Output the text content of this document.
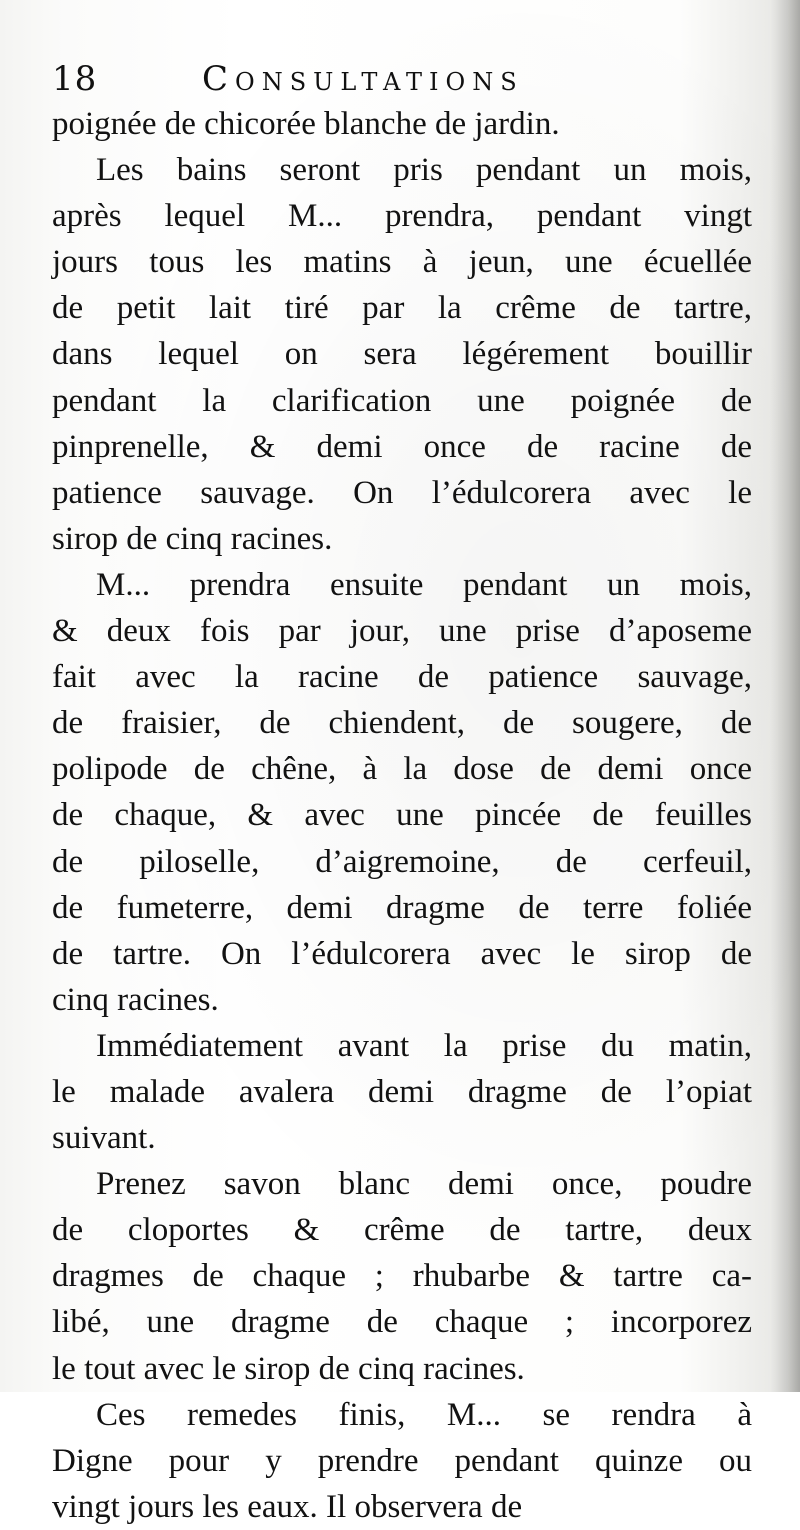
18	Consultations
poignée de chicorée blanche de jardin.
Les bains seront pris pendant un mois,
après lequel M... prendra, pendant vingt
jours tous les matins à jeun, une écuellée
de petit lait tiré par la crême de tartre,
dans lequel on sera légérement bouillir
pendant la clarification une poignée de
pinprenelle, & demi once de racine de
patience sauvage. On l’édulcorera avec le
sirop de cinq racines.
M... prendra ensuite pendant un mois,
& deux fois par jour, une prise d’aposeme
fait avec la racine de patience sauvage,
de fraisier, de chiendent, de sougere, de
polipode de chêne, à la dose de demi once
de chaque, & avec une pincée de feuilles
de piloselle, d’aigremoine, de cerfeuil,
de fumeterre, demi dragme de terre foliée
de tartre. On l’édulcorera avec le sirop de
cinq racines.
Immédiatement avant la prise du matin,
le malade avalera demi dragme de l’opiat
suivant.
Prenez savon blanc demi once, poudre
de cloportes & crême de tartre, deux
dragmes de chaque ; rhubarbe & tartre ca-
libé, une dragme de chaque ; incorporez
le tout avec le sirop de cinq racines.
Ces remedes finis, M... se rendra à
Digne pour y prendre pendant quinze ou
vingt jours les eaux. Il observera de
